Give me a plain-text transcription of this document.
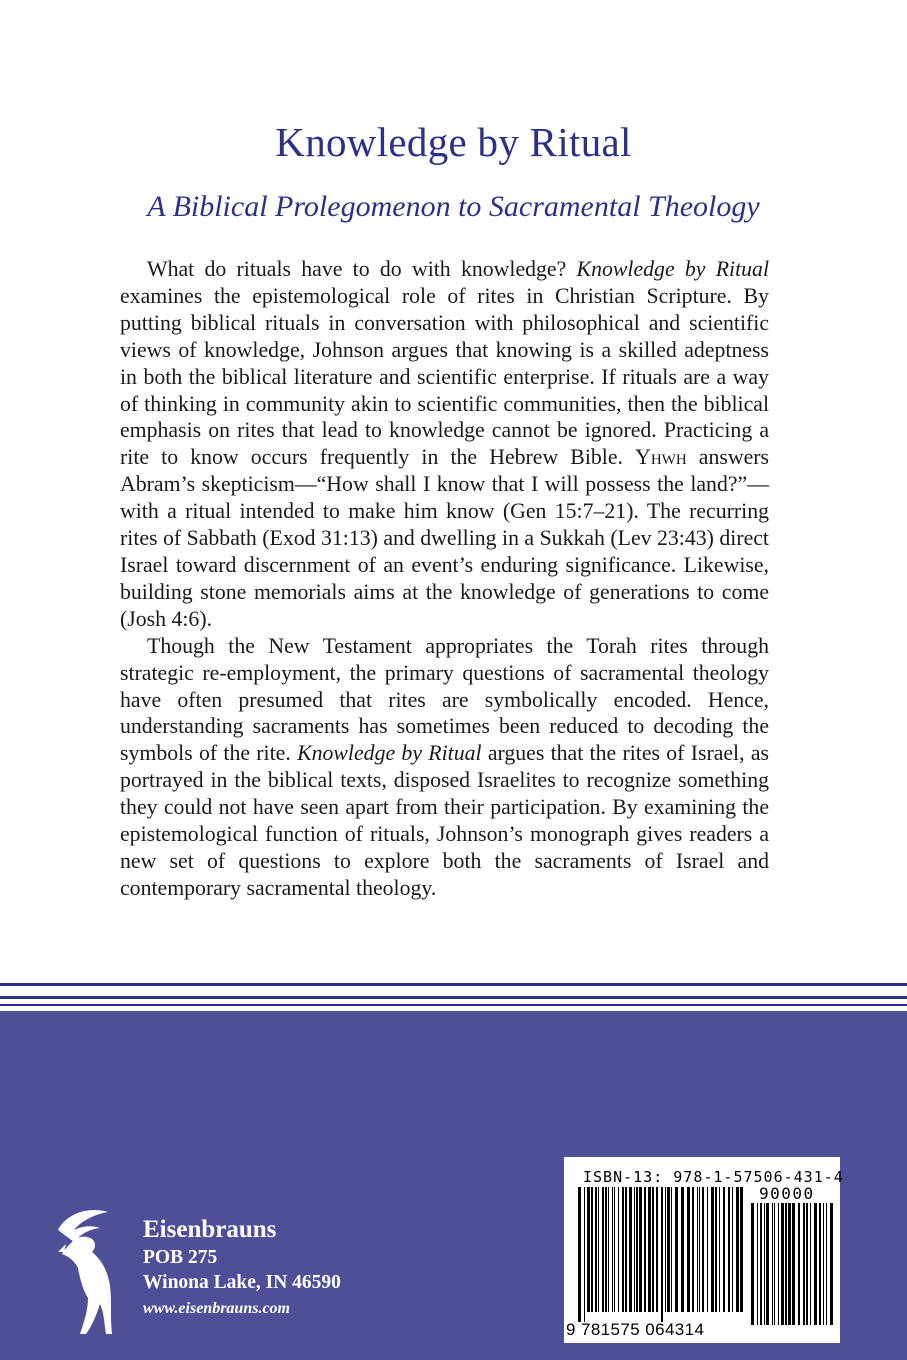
Knowledge by Ritual
A Biblical Prolegomenon to Sacramental Theology

What do rituals have to do with knowledge? Knowledge by Ritual examines the epistemological role of rites in Christian Scripture. By putting biblical rituals in conversation with philosophical and scientific views of knowledge, Johnson argues that knowing is a skilled adeptness in both the biblical literature and scientific enterprise. If rituals are a way of thinking in community akin to scientific communities, then the biblical emphasis on rites that lead to knowledge cannot be ignored. Practicing a rite to know occurs frequently in the Hebrew Bible. Yhwh answers Abram’s skepticism—“How shall I know that I will possess the land?”—with a ritual intended to make him know (Gen 15:7–21). The recurring rites of Sabbath (Exod 31:13) and dwelling in a Sukkah (Lev 23:43) direct Israel toward discernment of an event’s enduring significance. Likewise, building stone memorials aims at the knowledge of generations to come (Josh 4:6).

Though the New Testament appropriates the Torah rites through strategic re-employment, the primary questions of sacramental theology have often presumed that rites are symbolically encoded. Hence, understanding sacraments has sometimes been reduced to decoding the symbols of the rite. Knowledge by Ritual argues that the rites of Israel, as portrayed in the biblical texts, disposed Israelites to recognize something they could not have seen apart from their participation. By examining the epistemological function of rituals, Johnson’s monograph gives readers a new set of questions to explore both the sacraments of Israel and contemporary sacramental theology.

Eisenbrauns
POB 275
Winona Lake, IN 46590
www.eisenbrauns.com
ISBN-13: 978-1-57506-431-4
90000
9 781575 064314
